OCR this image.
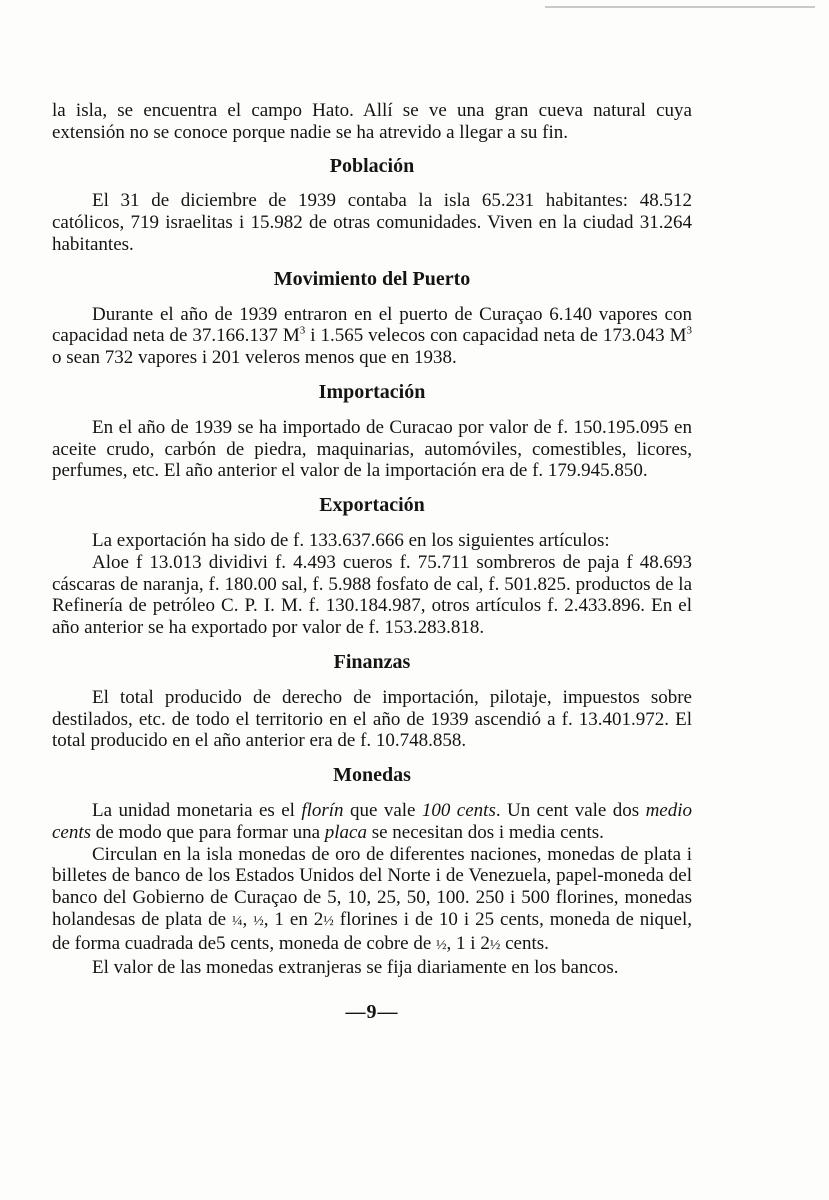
la isla, se encuentra el campo Hato. Allí se ve una gran cueva natural cuya extensión no se conoce porque nadie se ha atrevido a llegar a su fin.

Población

El 31 de diciembre de 1939 contaba la isla 65.231 habitantes: 48.512 católicos, 719 israelitas i 15.982 de otras comunidades. Viven en la ciudad 31.264 habitantes.

Movimiento del Puerto

Durante el año de 1939 entraron en el puerto de Curaçao 6.140 vapores con capacidad neta de 37.166.137 $M^3$ i 1.565 velecos con capacidad neta de 173.043 $M^3$ o sean 732 vapores i 201 veleros menos que en 1938.

Importación

En el año de 1939 se ha importado de Curacao por valor de f. 150.195.095 en aceite crudo, carbón de piedra, maquinarias, automóviles, comestibles, licores, perfumes, etc. El año anterior el valor de la importación era de f. 179.945.850.

Exportación

La exportación ha sido de f. 133.637.666 en los siguientes artículos:

Aloe f 13.013 dividivi f. 4.493 cueros f. 75.711 sombreros de paja f 48.693 cáscaras de naranja, f. 180.00 sal, f. 5.988 fosfato de cal, f. 501.825. productos de la Refinería de petróleo C. P. I. M. f. 130.184.987, otros artículos f. 2.433.896. En el año anterior se ha exportado por valor de f. 153.283.818.

Finanzas

El total producido de derecho de importación, pilotaje, impuestos sobre destilados, etc. de todo el territorio en el año de 1939 ascendió a f. 13.401.972. El total producido en el año anterior era de f. 10.748.858.

Monedas

La unidad monetaria es el florín que vale 100 cents. Un cent vale dos medio cents de modo que para formar una placa se necesitan dos i media cents.

Circulan en la isla monedas de oro de diferentes naciones, monedas de plata i billetes de banco de los Estados Unidos del Norte i de Venezuela, papel-moneda del banco del Gobierno de Curaçao de 5, 10, 25, 50, 100. 250 i 500 florines, monedas holandesas de plata de ¼, ½, 1 en 2½ florines i de 10 i 25 cents, moneda de niquel, de forma cuadrada de5 cents, moneda de cobre de ½, 1 i 2½ cents.

El valor de las monedas extranjeras se fija diariamente en los bancos.

—9—
